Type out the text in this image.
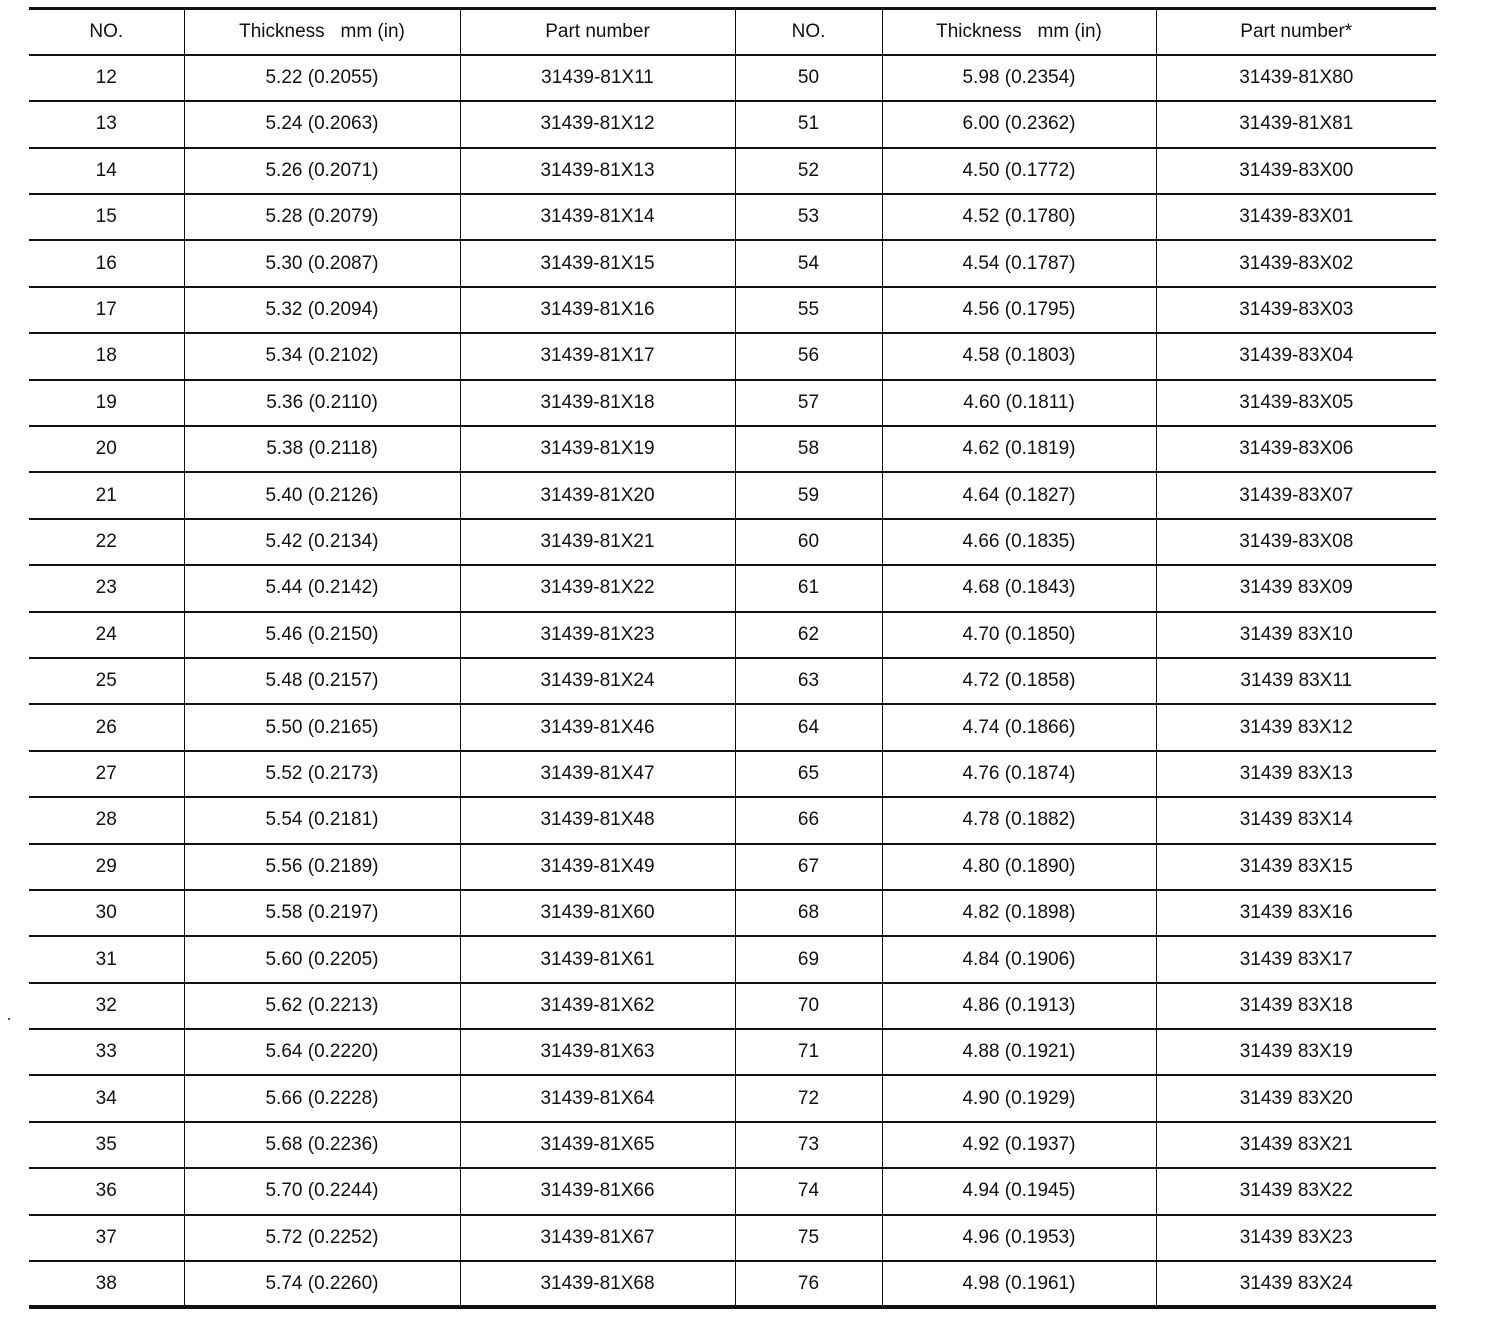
NO.	Thickness   mm (in)	Part number	NO.	Thickness   mm (in)	Part number*
12	5.22 (0.2055)	31439-81X11	50	5.98 (0.2354)	31439-81X80
13	5.24 (0.2063)	31439-81X12	51	6.00 (0.2362)	31439-81X81
14	5.26 (0.2071)	31439-81X13	52	4.50 (0.1772)	31439-83X00
15	5.28 (0.2079)	31439-81X14	53	4.52 (0.1780)	31439-83X01
16	5.30 (0.2087)	31439-81X15	54	4.54 (0.1787)	31439-83X02
17	5.32 (0.2094)	31439-81X16	55	4.56 (0.1795)	31439-83X03
18	5.34 (0.2102)	31439-81X17	56	4.58 (0.1803)	31439-83X04
19	5.36 (0.2110)	31439-81X18	57	4.60 (0.1811)	31439-83X05
20	5.38 (0.2118)	31439-81X19	58	4.62 (0.1819)	31439-83X06
21	5.40 (0.2126)	31439-81X20	59	4.64 (0.1827)	31439-83X07
22	5.42 (0.2134)	31439-81X21	60	4.66 (0.1835)	31439-83X08
23	5.44 (0.2142)	31439-81X22	61	4.68 (0.1843)	31439 83X09
24	5.46 (0.2150)	31439-81X23	62	4.70 (0.1850)	31439 83X10
25	5.48 (0.2157)	31439-81X24	63	4.72 (0.1858)	31439 83X11
26	5.50 (0.2165)	31439-81X46	64	4.74 (0.1866)	31439 83X12
27	5.52 (0.2173)	31439-81X47	65	4.76 (0.1874)	31439 83X13
28	5.54 (0.2181)	31439-81X48	66	4.78 (0.1882)	31439 83X14
29	5.56 (0.2189)	31439-81X49	67	4.80 (0.1890)	31439 83X15
30	5.58 (0.2197)	31439-81X60	68	4.82 (0.1898)	31439 83X16
31	5.60 (0.2205)	31439-81X61	69	4.84 (0.1906)	31439 83X17
32	5.62 (0.2213)	31439-81X62	70	4.86 (0.1913)	31439 83X18
33	5.64 (0.2220)	31439-81X63	71	4.88 (0.1921)	31439 83X19
34	5.66 (0.2228)	31439-81X64	72	4.90 (0.1929)	31439 83X20
35	5.68 (0.2236)	31439-81X65	73	4.92 (0.1937)	31439 83X21
36	5.70 (0.2244)	31439-81X66	74	4.94 (0.1945)	31439 83X22
37	5.72 (0.2252)	31439-81X67	75	4.96 (0.1953)	31439 83X23
38	5.74 (0.2260)	31439-81X68	76	4.98 (0.1961)	31439 83X24
